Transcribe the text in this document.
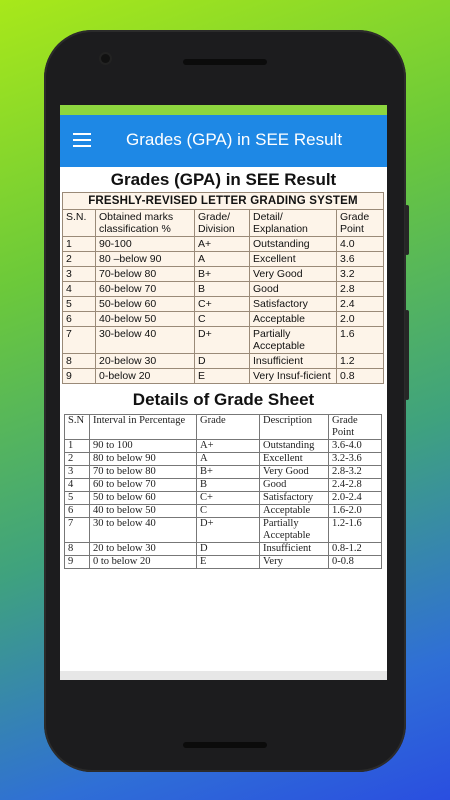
Grades (GPA) in SEE Result
Grades (GPA) in SEE Result
FRESHLY-REVISED LETTER GRADING SYSTEM				
S.N.	Obtained marks classification %	Grade/ Division	Detail/ Explanation	Grade Point
1	90-100	A+	Outstanding	4.0
2	80 –below 90	A	Excellent	3.6
3	70-below 80	B+	Very Good	3.2
4	60-below 70	B	Good	2.8
5	50-below 60	C+	Satisfactory	2.4
6	40-below 50	C	Acceptable	2.0
7	30-below 40	D+	Partially Acceptable	1.6
8	20-below 30	D	Insufficient	1.2
9	0-below 20	E	Very Insuf-ficient	0.8
Details of Grade Sheet
S.N	Interval in Percentage	Grade	Description	Grade Point
1	90 to 100	A+	Outstanding	3.6-4.0
2	80 to below 90	A	Excellent	3.2-3.6
3	70 to below 80	B+	Very Good	2.8-3.2
4	60 to below 70	B	Good	2.4-2.8
5	50 to below 60	C+	Satisfactory	2.0-2.4
6	40 to below 50	C	Acceptable	1.6-2.0
7	30 to below 40	D+	Partially Acceptable	1.2-1.6
8	20 to below 30	D	Insufficient	0.8-1.2
9	0 to below 20	E	Very	0-0.8
